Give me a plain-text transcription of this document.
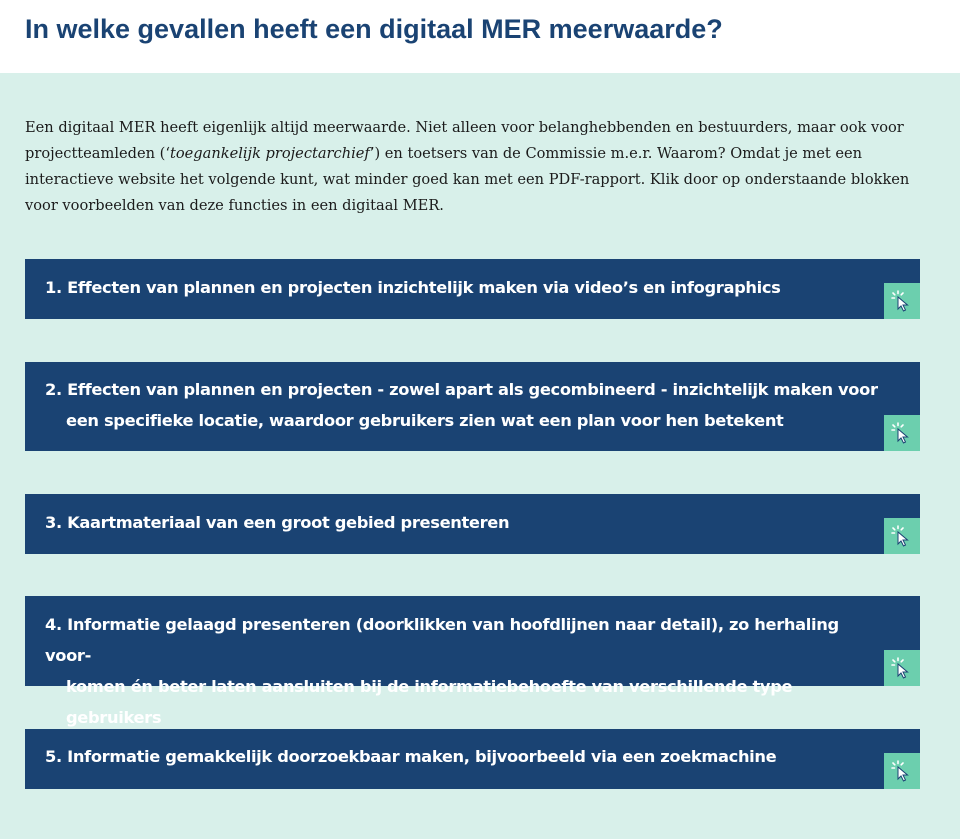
In welke gevallen heeft een digitaal MER meerwaarde?

Een digitaal MER heeft eigenlijk altijd meerwaarde. Niet alleen voor belanghebbenden en bestuurders, maar ook voor projectteamleden (‘toegankelijk projectarchief’) en toetsers van de Commissie m.e.r. Waarom? Omdat je met een interactieve website het volgende kunt, wat minder goed kan met een PDF-rapport. Klik door op onderstaande blokken voor voorbeelden van deze functies in een digitaal MER.

1. Effecten van plannen en projecten inzichtelijk maken via video’s en infographics

2. Effecten van plannen en projecten - zowel apart als gecombineerd - inzichtelijk maken voor
een specifieke locatie, waardoor gebruikers zien wat een plan voor hen betekent

3. Kaartmateriaal van een groot gebied presenteren

4. Informatie gelaagd presenteren (doorklikken van hoofdlijnen naar detail), zo herhaling voor-
komen én beter laten aansluiten bij de informatiebehoefte van verschillende type gebruikers

5. Informatie gemakkelijk doorzoekbaar maken, bijvoorbeeld via een zoekmachine
